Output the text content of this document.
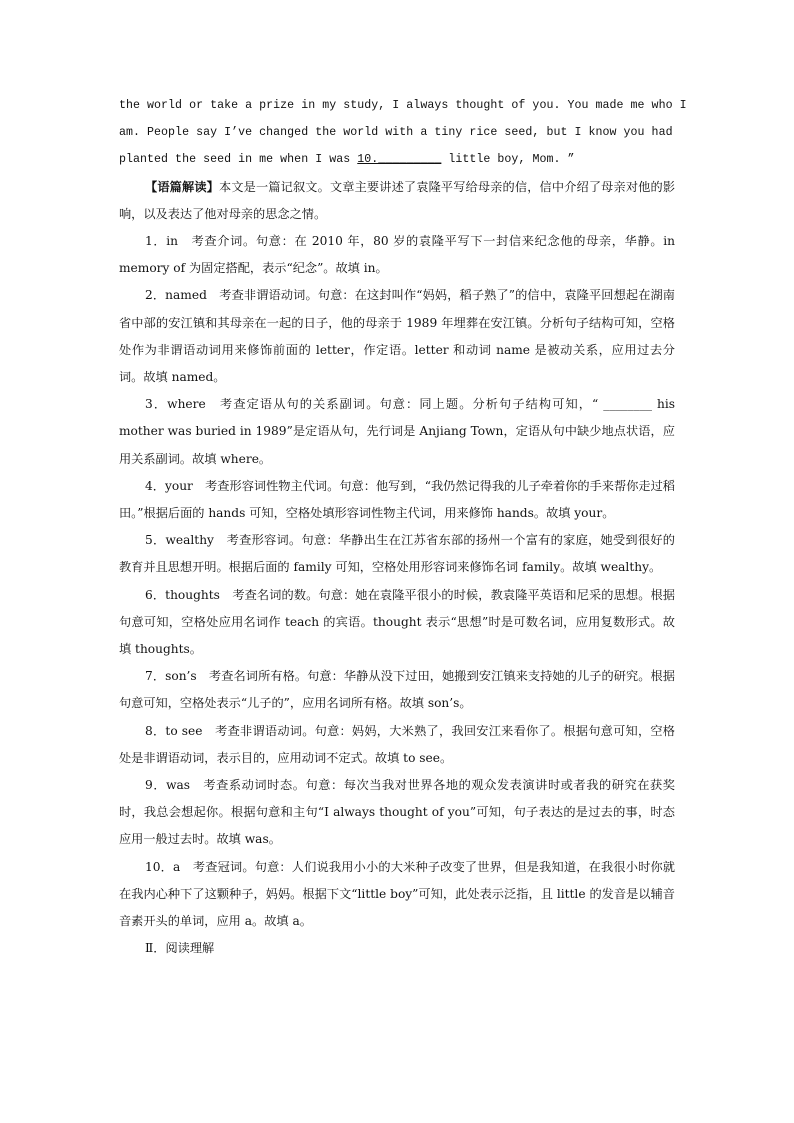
the world or take a prize in my study, I always thought of you. You made me who I
am. People say I’ve changed the world with a tiny rice seed, but I know you had
planted the seed in me when I was 10._________ little boy, Mom. ”

【语篇解读】本文是一篇记叙文。文章主要讲述了袁隆平写给母亲的信，信中介绍了母亲对他的影响，以及表达了他对母亲的思念之情。

1．in　考查介词。句意：在 2010 年，80 岁的袁隆平写下一封信来纪念他的母亲，华静。in memory of 为固定搭配，表示“纪念”。故填 in。

2．named　考查非谓语动词。句意：在这封叫作“妈妈，稻子熟了”的信中，袁隆平回想起在湖南省中部的安江镇和其母亲在一起的日子，他的母亲于 1989 年埋葬在安江镇。分析句子结构可知，空格处作为非谓语动词用来修饰前面的 letter，作定语。letter 和动词 name 是被动关系，应用过去分词。故填 named。

3．where　考查定语从句的关系副词。句意：同上题。分析句子结构可知，“ ________ his mother was buried in 1989”是定语从句，先行词是 Anjiang Town，定语从句中缺少地点状语，应用关系副词。故填 where。

4．your　考查形容词性物主代词。句意：他写到，“我仍然记得我的儿子牵着你的手来帮你走过稻田。”根据后面的 hands 可知，空格处填形容词性物主代词，用来修饰 hands。故填 your。

5．wealthy　考查形容词。句意：华静出生在江苏省东部的扬州一个富有的家庭，她受到很好的教育并且思想开明。根据后面的 family 可知，空格处用形容词来修饰名词 family。故填 wealthy。

6．thoughts　考查名词的数。句意：她在袁隆平很小的时候，教袁隆平英语和尼采的思想。根据句意可知，空格处应用名词作 teach 的宾语。thought 表示“思想”时是可数名词，应用复数形式。故填 thoughts。

7．son’s　考查名词所有格。句意：华静从没下过田，她搬到安江镇来支持她的儿子的研究。根据句意可知，空格处表示“儿子的”，应用名词所有格。故填 son’s。

8．to see　考查非谓语动词。句意：妈妈，大米熟了，我回安江来看你了。根据句意可知，空格处是非谓语动词，表示目的，应用动词不定式。故填 to see。

9．was　考查系动词时态。句意：每次当我对世界各地的观众发表演讲时或者我的研究在获奖时，我总会想起你。根据句意和主句“I always thought of you”可知，句子表达的是过去的事，时态应用一般过去时。故填 was。

10．a　考查冠词。句意：人们说我用小小的大米种子改变了世界，但是我知道，在我很小时你就在我内心种下了这颗种子，妈妈。根据下文“little boy”可知，此处表示泛指，且 little 的发音是以辅音音素开头的单词，应用 a。故填 a。

Ⅱ．阅读理解
